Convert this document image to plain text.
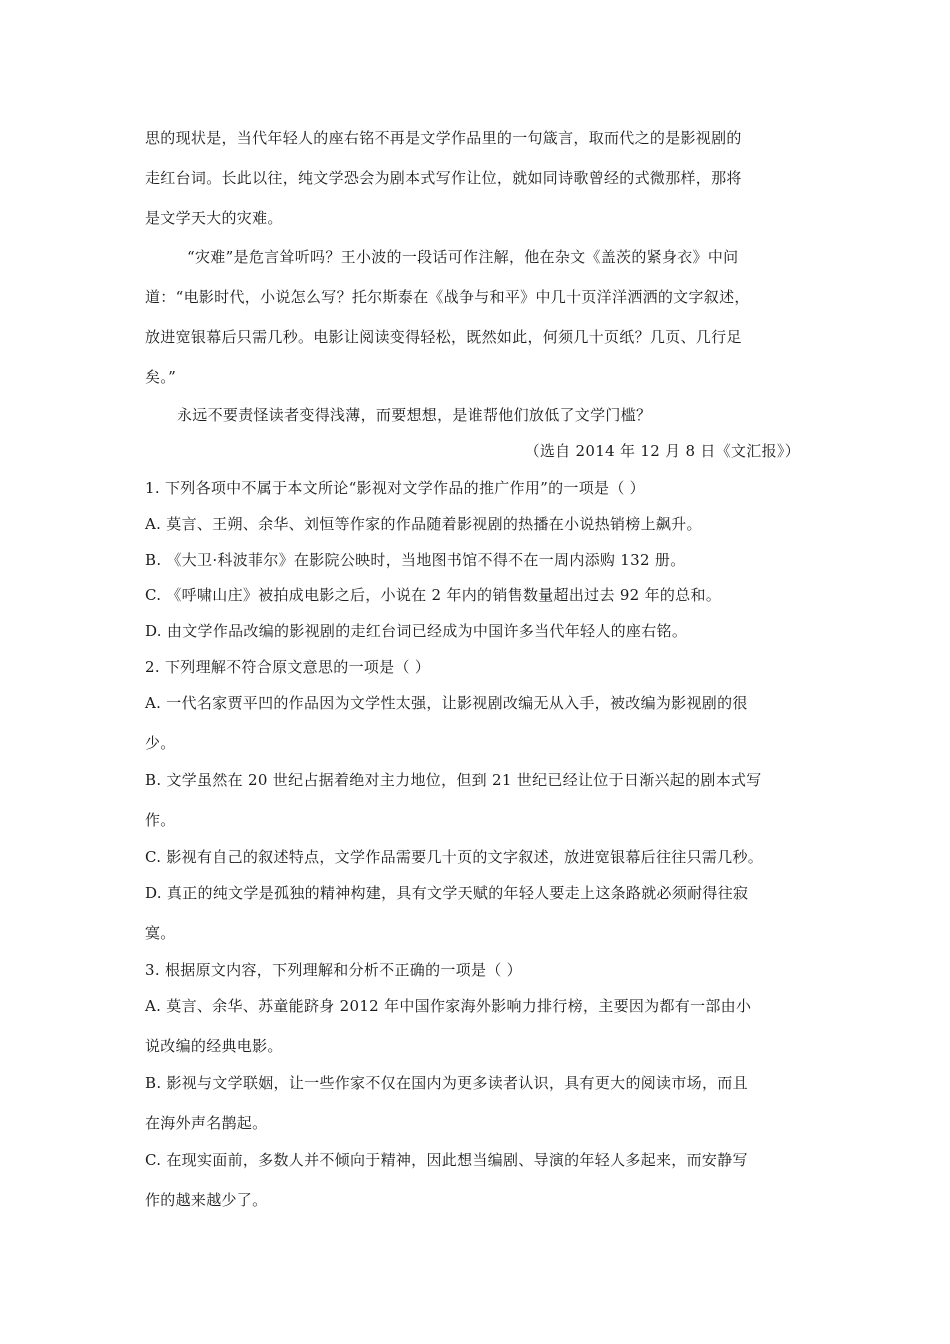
思的现状是，当代年轻人的座右铭不再是文学作品里的一句箴言，取而代之的是影视剧的
走红台词。长此以往，纯文学恐会为剧本式写作让位，就如同诗歌曾经的式微那样，那将
是文学天大的灾难。
“灾难”是危言耸听吗？王小波的一段话可作注解，他在杂文《盖茨的紧身衣》中问
道：“电影时代，小说怎么写？托尔斯泰在《战争与和平》中几十页洋洋洒洒的文字叙述，
放进宽银幕后只需几秒。电影让阅读变得轻松，既然如此，何须几十页纸？几页、几行足
矣。”
永远不要责怪读者变得浅薄，而要想想，是谁帮他们放低了文学门槛？
（选自 2014 年 12 月 8 日《文汇报》）
1. 下列各项中不属于本文所论“影视对文学作品的推广作用”的一项是（ ）
A. 莫言、王朔、余华、刘恒等作家的作品随着影视剧的热播在小说热销榜上飙升。
B. 《大卫·科波菲尔》在影院公映时，当地图书馆不得不在一周内添购 132 册。
C. 《呼啸山庄》被拍成电影之后，小说在 2 年内的销售数量超出过去 92 年的总和。
D. 由文学作品改编的影视剧的走红台词已经成为中国许多当代年轻人的座右铭。
2. 下列理解不符合原文意思的一项是（ ）
A. 一代名家贾平凹的作品因为文学性太强，让影视剧改编无从入手，被改编为影视剧的很
少。
B. 文学虽然在 20 世纪占据着绝对主力地位，但到 21 世纪已经让位于日渐兴起的剧本式写
作。
C. 影视有自己的叙述特点，文学作品需要几十页的文字叙述，放进宽银幕后往往只需几秒。
D. 真正的纯文学是孤独的精神构建，具有文学天赋的年轻人要走上这条路就必须耐得往寂
寞。
3. 根据原文内容，下列理解和分析不正确的一项是（ ）
A. 莫言、余华、苏童能跻身 2012 年中国作家海外影响力排行榜，主要因为都有一部由小
说改编的经典电影。
B. 影视与文学联姻，让一些作家不仅在国内为更多读者认识，具有更大的阅读市场，而且
在海外声名鹊起。
C. 在现实面前，多数人并不倾向于精神，因此想当编剧、导演的年轻人多起来，而安静写
作的越来越少了。
